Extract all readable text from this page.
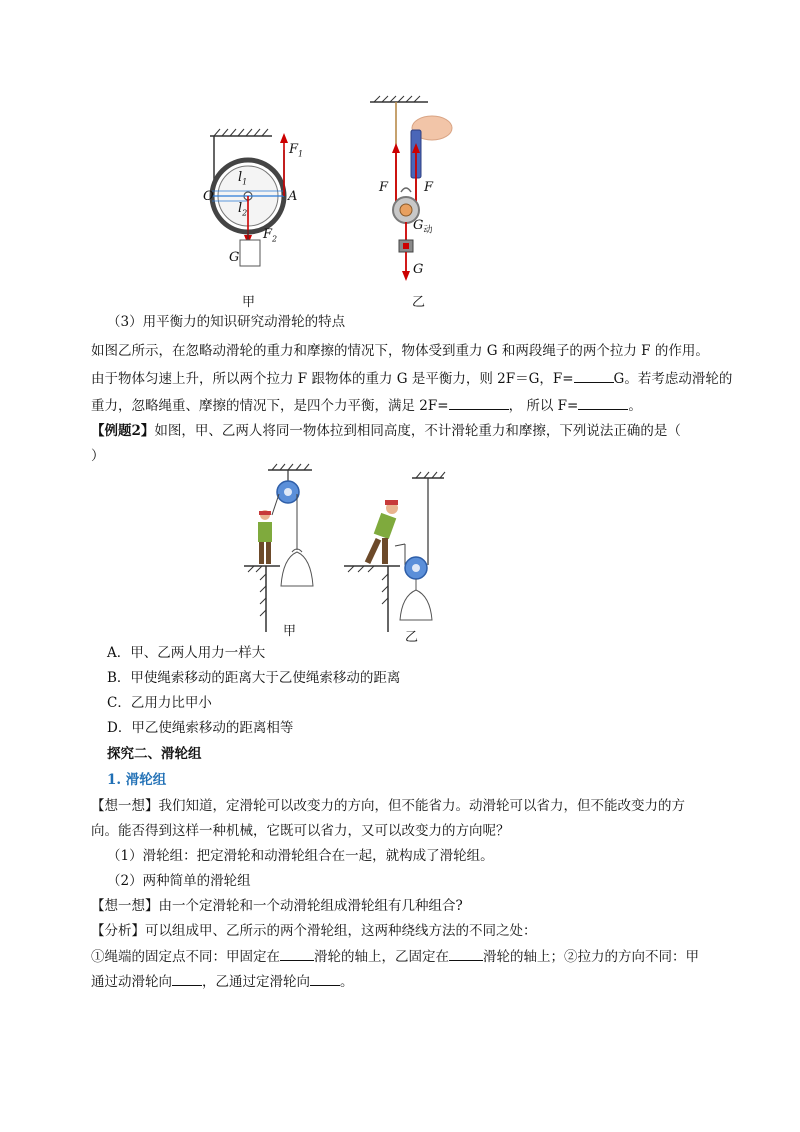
$F_1$
$l_1$
$l_2$
O	A
$F_2$
G
甲
F	F
$G_动$
G
乙
（3）用平衡力的知识研究动滑轮的特点
如图乙所示，在忽略动滑轮的重力和摩擦的情况下，物体受到重力 G 和两段绳子的两个拉力 F 的作用。
由于物体匀速上升，所以两个拉力 F 跟物体的重力 G 是平衡力，则 2F＝G，F=	G。若考虑动滑轮的
重力，忽略绳重、摩擦的情况下，是四个力平衡，满足 2F=	， 所以 F=	。
【例题2】如图，甲、乙两人将同一物体拉到相同高度，不计滑轮重力和摩擦，下列说法正确的是（
）
甲	乙
A．甲、乙两人用力一样大
B．甲使绳索移动的距离大于乙使绳索移动的距离
C．乙用力比甲小
D．甲乙使绳索移动的距离相等
探究二、滑轮组
1. 滑轮组
【想一想】我们知道，定滑轮可以改变力的方向，但不能省力。动滑轮可以省力，但不能改变力的方
向。能否得到这样一种机械，它既可以省力，又可以改变力的方向呢？
（1）滑轮组：把定滑轮和动滑轮组合在一起，就构成了滑轮组。
（2）两种简单的滑轮组
【想一想】由一个定滑轮和一个动滑轮组成滑轮组有几种组合?
【分析】可以组成甲、乙所示的两个滑轮组，这两种绕线方法的不同之处：
①绳端的固定点不同：甲固定在	滑轮的轴上，乙固定在	滑轮的轴上；②拉力的方向不同：甲
通过动滑轮向 ，乙通过定滑轮向 。
